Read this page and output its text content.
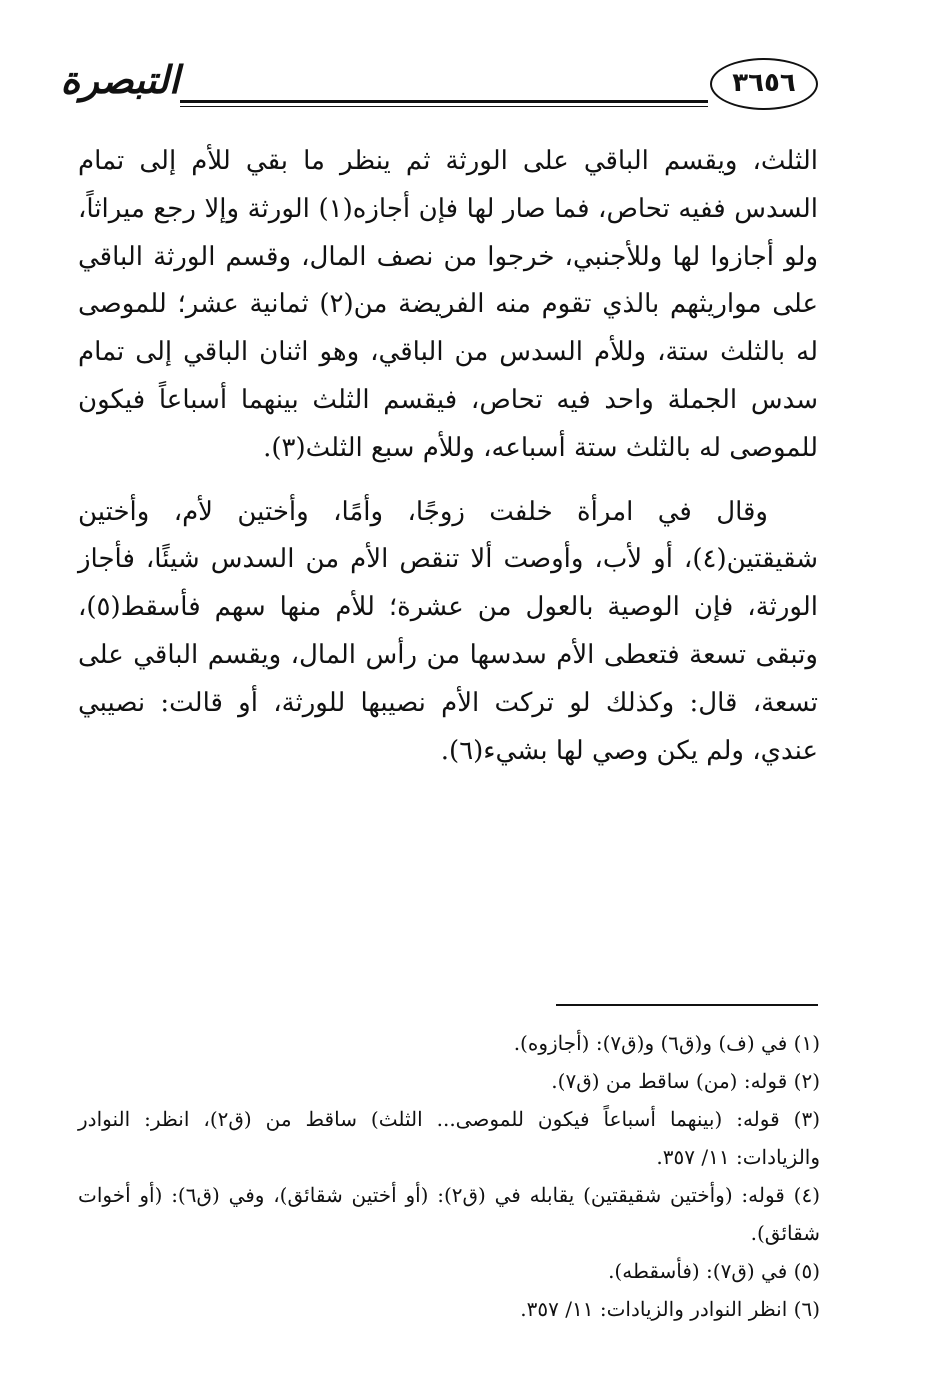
التبصرة	٣٦٥٦

الثلث، ويقسم الباقي على الورثة ثم ينظر ما بقي للأم إلى تمام السدس ففيه تحاص، فما صار لها فإن أجازه(١) الورثة وإلا رجع ميراثاً، ولو أجازوا لها وللأجنبي، خرجوا من نصف المال، وقسم الورثة الباقي على مواريثهم بالذي تقوم منه الفريضة من(٢) ثمانية عشر؛ للموصى له بالثلث ستة، وللأم السدس من الباقي، وهو اثنان الباقي إلى تمام سدس الجملة واحد فيه تحاص، فيقسم الثلث بينهما أسباعاً فيكون للموصى له بالثلث ستة أسباعه، وللأم سبع الثلث(٣).

وقال في امرأة خلفت زوجًا، وأمًا، وأختين لأم، وأختين شقيقتين(٤)، أو لأب، وأوصت ألا تنقص الأم من السدس شيئًا، فأجاز الورثة، فإن الوصية بالعول من عشرة؛ للأم منها سهم فأسقط(٥)، وتبقى تسعة فتعطى الأم سدسها من رأس المال، ويقسم الباقي على تسعة، قال: وكذلك لو تركت الأم نصيبها للورثة، أو قالت: نصيبي عندي، ولم يكن وصي لها بشيء(٦).

(١) في (ف) و(ق٦) و(ق٧): (أجازوه).

(٢) قوله: (من) ساقط من (ق٧).

(٣) قوله: (بينهما أسباعاً فيكون للموصى... الثلث) ساقط من (ق٢)، انظر: النوادر والزيادات: ١١/ ٣٥٧.

(٤) قوله: (وأختين شقيقتين) يقابله في (ق٢): (أو أختين شقائق)، وفي (ق٦): (أو أخوات شقائق).

(٥) في (ق٧): (فأسقطه).

(٦) انظر النوادر والزيادات: ١١/ ٣٥٧.
